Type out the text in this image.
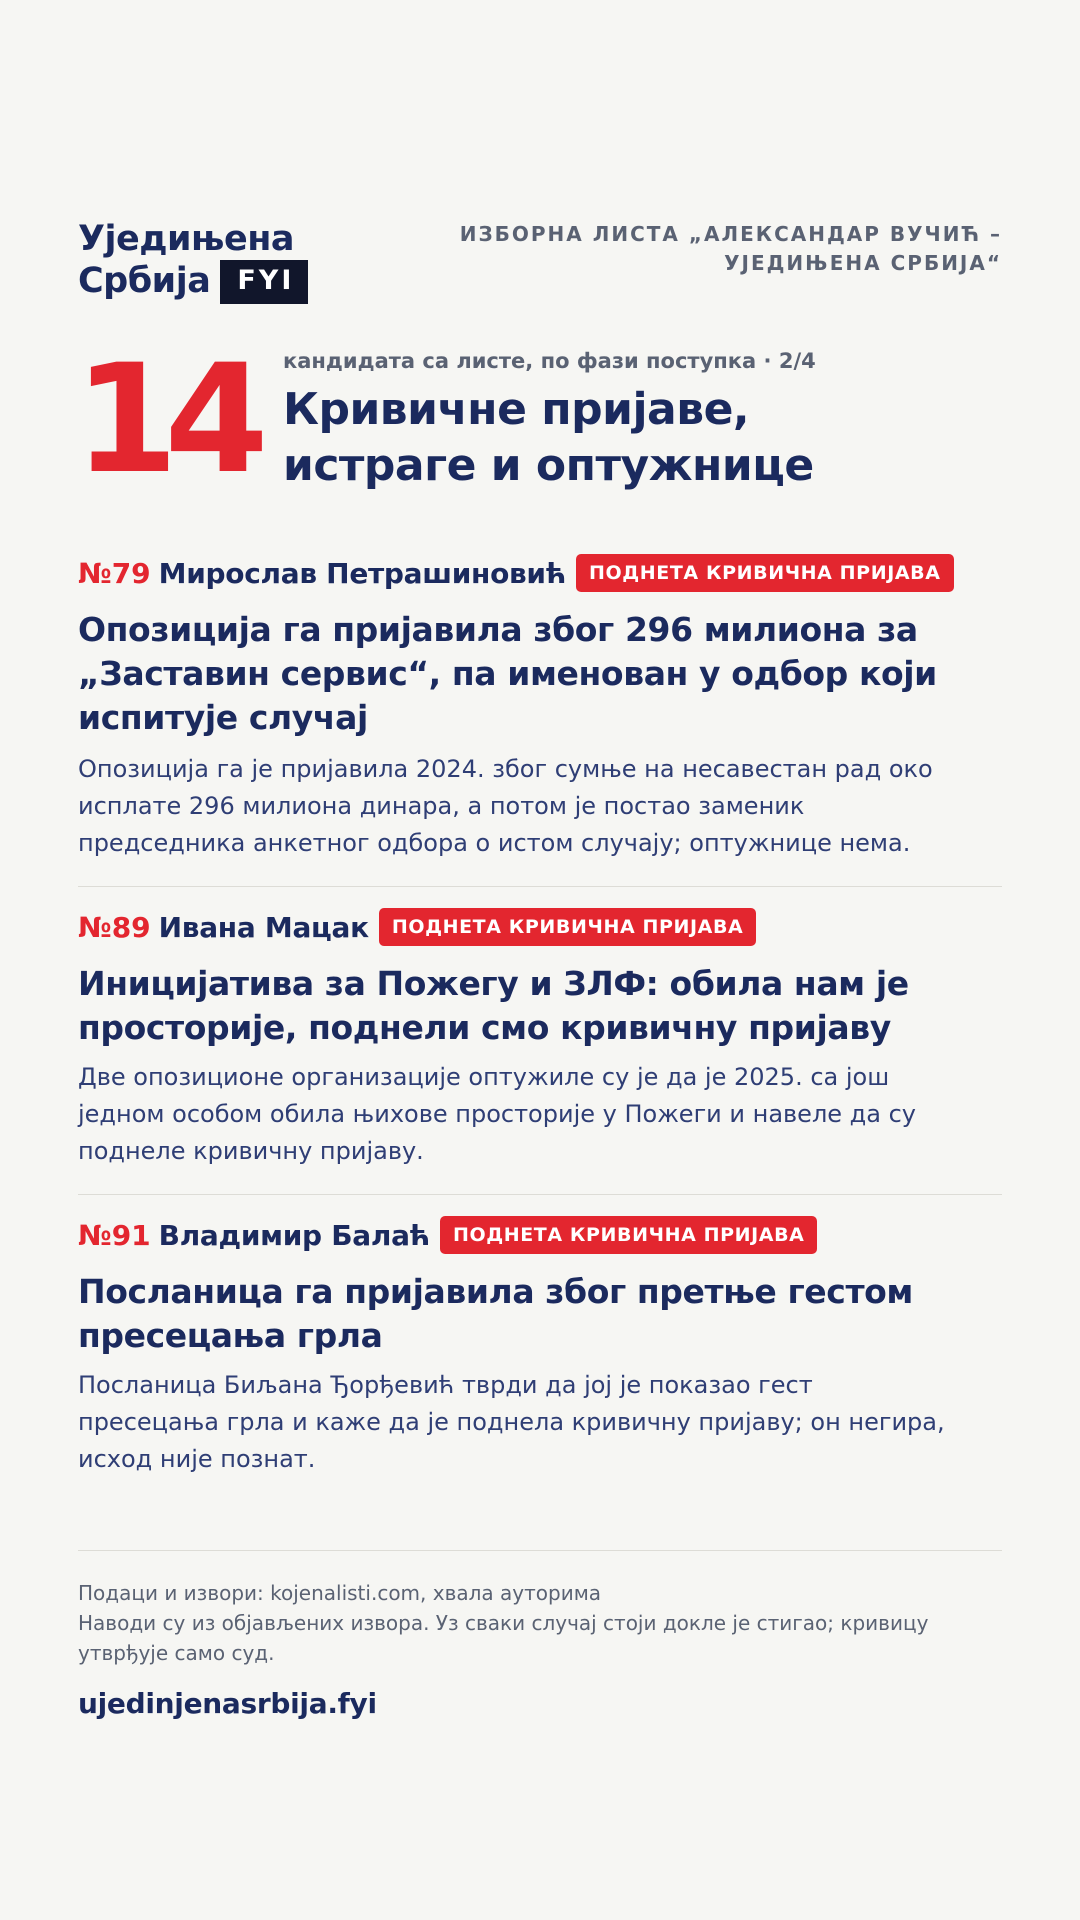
Уједињена
Србија FYI
ИЗБОРНА ЛИСТА „АЛЕКСАНДАР ВУЧИЋ –
УЈЕДИЊЕНА СРБИЈА“
14 кандидата са листе, по фази поступка · 2/4
Кривичне пријаве,
истраге и оптужнице
№79 Мирослав Петрашиновић	ПОДНЕТА КРИВИЧНА ПРИЈАВА
Опозиција га пријавила због 296 милиона за
„Заставин сервис“, па именован у одбор који
испитује случај
Опозиција га је пријавила 2024. због сумње на несавестан рад око
исплате 296 милиона динара, а потом је постао заменик
председника анкетног одбора о истом случају; оптужнице нема.
№89 Ивана Мацак	ПОДНЕТА КРИВИЧНА ПРИЈАВА
Иницијатива за Пожегу и ЗЛФ: обила нам је
просторије, поднели смо кривичну пријаву
Две опозиционе организације оптужиле су је да је 2025. са још
једном особом обила њихове просторије у Пожеги и навеле да су
поднеле кривичну пријаву.
№91 Владимир Балаћ	ПОДНЕТА КРИВИЧНА ПРИЈАВА
Посланица га пријавила због претње гестом
пресецања грла
Посланица Биљана Ђорђевић тврди да јој је показао гест
пресецања грла и каже да је поднела кривичну пријаву; он негира,
исход није познат.
Подаци и извори: kojenalisti.com, хвала ауторима
Наводи су из објављених извора. Уз сваки случај стоји докле је стигао; кривицу
утврђује само суд.
ujedinjenasrbija.fyi
